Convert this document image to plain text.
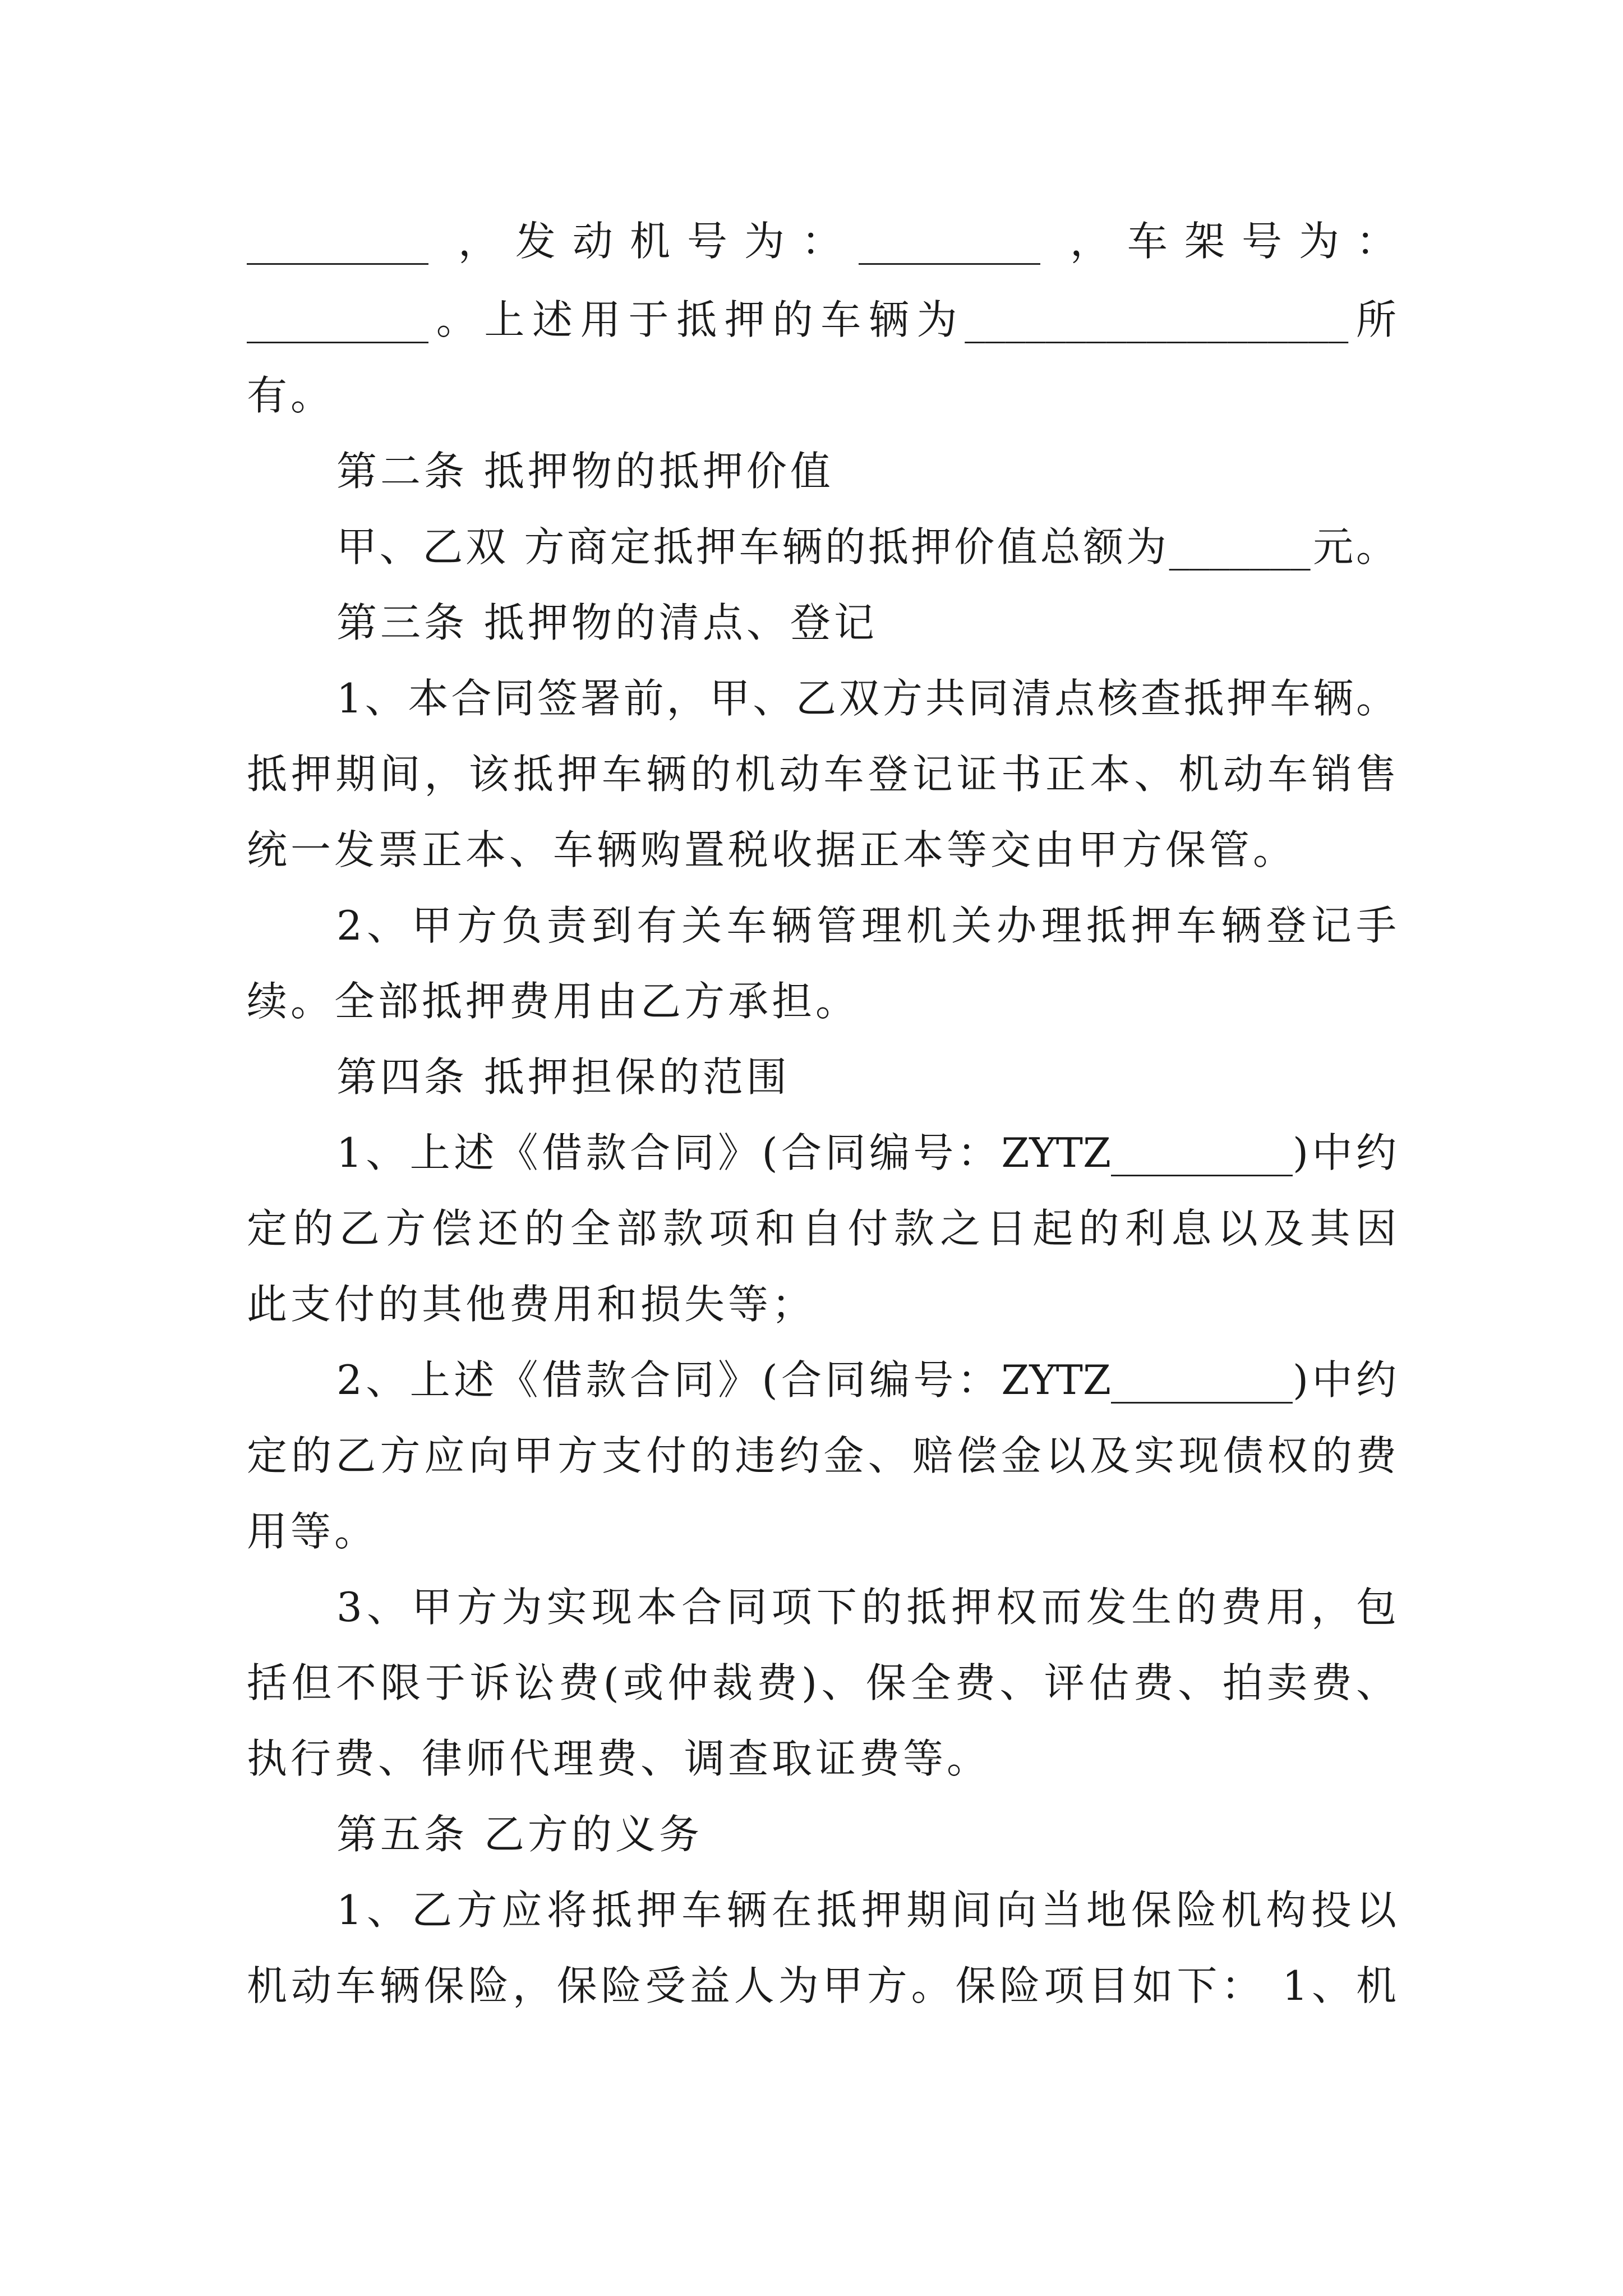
_________ ，发动机号为：_________ ，车架号为：
_________。上述用于抵押的车辆为___________________所
有。
第二条 抵押物的抵押价值
甲、乙双 方商定抵押车辆的抵押价值总额为_______元。
第三条 抵押物的清点、登记
1、本合同签署前，甲、乙双方共同清点核查抵押车辆。
抵押期间，该抵押车辆的机动车登记证书正本、机动车销售
统一发票正本、车辆购置税收据正本等交由甲方保管。
2、甲方负责到有关车辆管理机关办理抵押车辆登记手
续。全部抵押费用由乙方承担。
第四条 抵押担保的范围
1、上述《借款合同》(合同编号：ZYTZ_________)中约
定的乙方偿还的全部款项和自付款之日起的利息以及其因
此支付的其他费用和损失等；
2、上述《借款合同》(合同编号：ZYTZ_________)中约
定的乙方应向甲方支付的违约金、赔偿金以及实现债权的费
用等。
3、甲方为实现本合同项下的抵押权而发生的费用，包
括但不限于诉讼费(或仲裁费)、保全费、评估费、拍卖费、
执行费、律师代理费、调查取证费等。
第五条 乙方的义务
1、乙方应将抵押车辆在抵押期间向当地保险机构投以
机动车辆保险，保险受益人为甲方。保险项目如下： 1、机
